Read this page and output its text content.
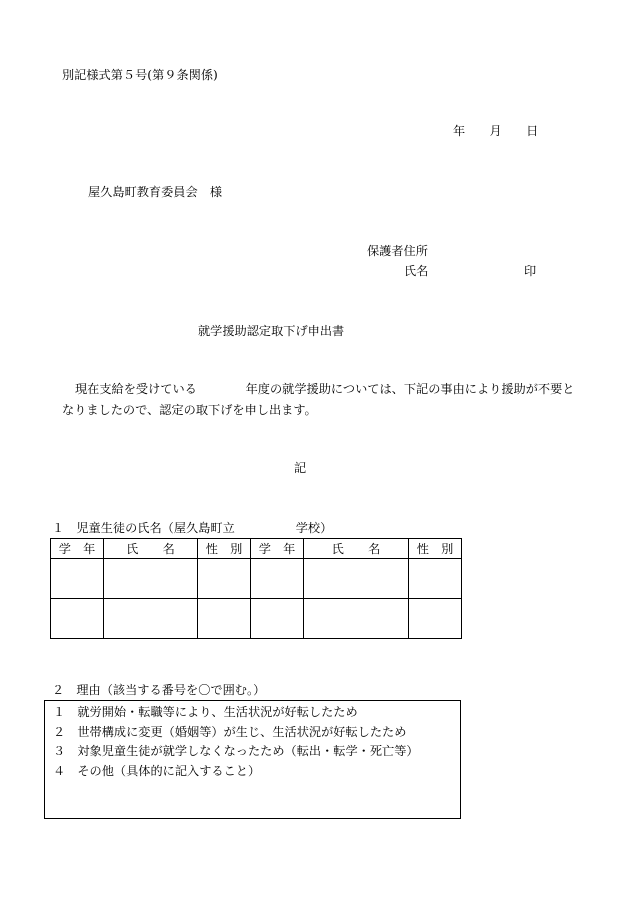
別記様式第５号(第９条関係)

年　　月　　日

屋久島町教育委員会　様

保護者住所

氏名	印

就学援助認定取下げ申出書

現在支給を受けている　　　　年度の就学援助については、下記の事由により援助が不要と

なりましたので、認定の取下げを申し出ます。

記

１　児童生徒の氏名（屋久島町立　　　　　学校）

学　年	氏　　名	性　別	学　年	氏　　名	性　別

２　理由（該当する番号を〇で囲む。）

１　就労開始・転職等により、生活状況が好転したため
２　世帯構成に変更（婚姻等）が生じ、生活状況が好転したため
３　対象児童生徒が就学しなくなったため（転出・転学・死亡等）
４　その他（具体的に記入すること）
